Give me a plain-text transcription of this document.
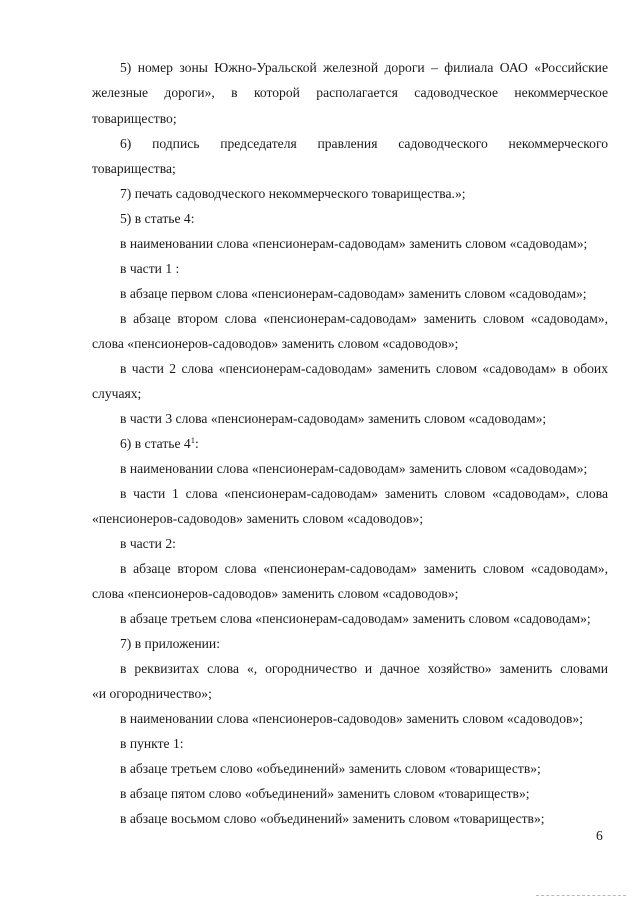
5) номер зоны Южно-Уральской железной дороги – филиала ОАО «Российские

железные дороги», в которой располагается садоводческое некоммерческое

товарищество;

6) подпись председателя правления садоводческого некоммерческого

товарищества;

7) печать садоводческого некоммерческого товарищества.»;

5) в статье 4:

в наименовании слова «пенсионерам-садоводам» заменить словом «садоводам»;

в части 1 :

в абзаце первом слова «пенсионерам-садоводам» заменить словом «садоводам»;

в абзаце втором слова «пенсионерам-садоводам» заменить словом «садоводам»,

слова «пенсионеров-садоводов» заменить словом «садоводов»;

в части 2 слова «пенсионерам-садоводам» заменить словом «садоводам» в обоих

случаях;

в части 3 слова «пенсионерам-садоводам» заменить словом «садоводам»;

6) в статье $4^1$:

в наименовании слова «пенсионерам-садоводам» заменить словом «садоводам»;

в части 1 слова «пенсионерам-садоводам» заменить словом «садоводам», слова

«пенсионеров-садоводов» заменить словом «садоводов»;

в части 2:

в абзаце втором слова «пенсионерам-садоводам» заменить словом «садоводам»,

слова «пенсионеров-садоводов» заменить словом «садоводов»;

в абзаце третьем слова «пенсионерам-садоводам» заменить словом «садоводам»;

7) в приложении:

в реквизитах слова «, огородничество и дачное хозяйство» заменить словами

«и огородничество»;

в наименовании слова «пенсионеров-садоводов» заменить словом «садоводов»;

в пункте 1:

в абзаце третьем слово «объединений» заменить словом «товариществ»;

в абзаце пятом слово «объединений» заменить словом «товариществ»;

в абзаце восьмом слово «объединений» заменить словом «товариществ»;

6
